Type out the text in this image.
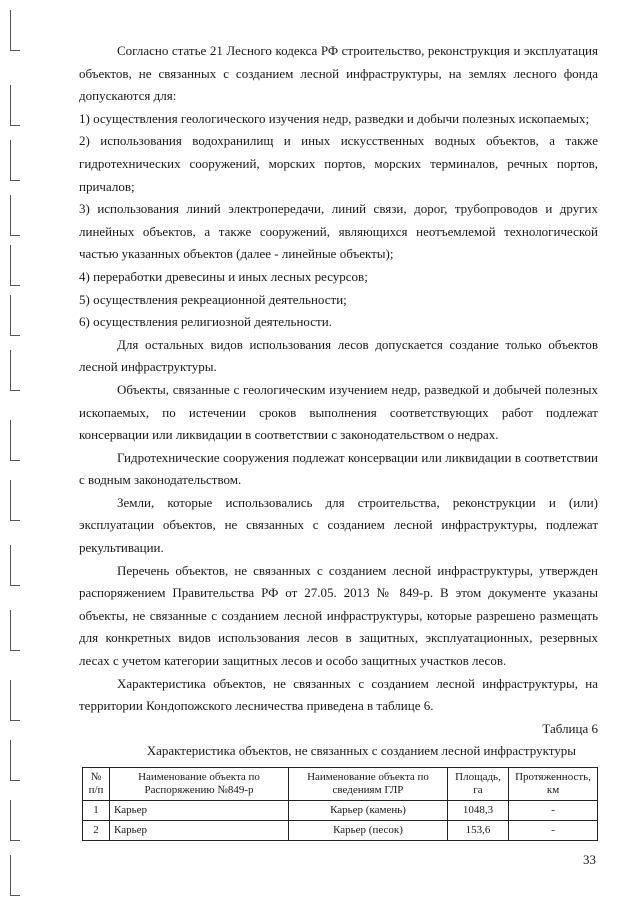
Согласно статье 21 Лесного кодекса РФ строительство, реконструкция и эксплуатация объектов, не связанных с созданием лесной инфраструктуры, на землях лесного фонда допускаются для:

1) осуществления геологического изучения недр, разведки и добычи полезных ископаемых;

2) использования водохранилищ и иных искусственных водных объектов, а также гидротехнических сооружений, морских портов, морских терминалов, речных портов, причалов;

3) использования линий электропередачи, линий связи, дорог, трубопроводов и других линейных объектов, а также сооружений, являющихся неотъемлемой технологической частью указанных объектов (далее - линейные объекты);

4) переработки древесины и иных лесных ресурсов;

5) осуществления рекреационной деятельности;

6) осуществления религиозной деятельности.

Для остальных видов использования лесов допускается создание только объектов лесной инфраструктуры.

Объекты, связанные с геологическим изучением недр, разведкой и добычей полезных ископаемых, по истечении сроков выполнения соответствующих работ подлежат консервации или ликвидации в соответствии с законодательством о недрах.

Гидротехнические сооружения подлежат консервации или ликвидации в соответствии с водным законодательством.

Земли, которые использовались для строительства, реконструкции и (или) эксплуатации объектов, не связанных с созданием лесной инфраструктуры, подлежат рекультивации.

Перечень объектов, не связанных с созданием лесной инфраструктуры, утвержден распоряжением Правительства РФ от 27.05. 2013 № 849-р. В этом документе указаны объекты, не связанные с созданием лесной инфраструктуры, которые разрешено размещать для конкретных видов использования лесов в защитных, эксплуатационных, резервных лесах с учетом категории защитных лесов и особо защитных участков лесов.

Характеристика объектов, не связанных с созданием лесной инфраструктуры, на территории Кондопожского лесничества приведена в таблице 6.

Таблица 6

Характеристика объектов, не связанных с созданием лесной инфраструктуры

№ п/п	Наименование объекта по Распоряжению №849-р	Наименование объекта по сведениям ГЛР	Площадь, га	Протяженность, км
1	Карьер	Карьер (камень)	1048,3	-
2	Карьер	Карьер (песок)	153,6	-
33
